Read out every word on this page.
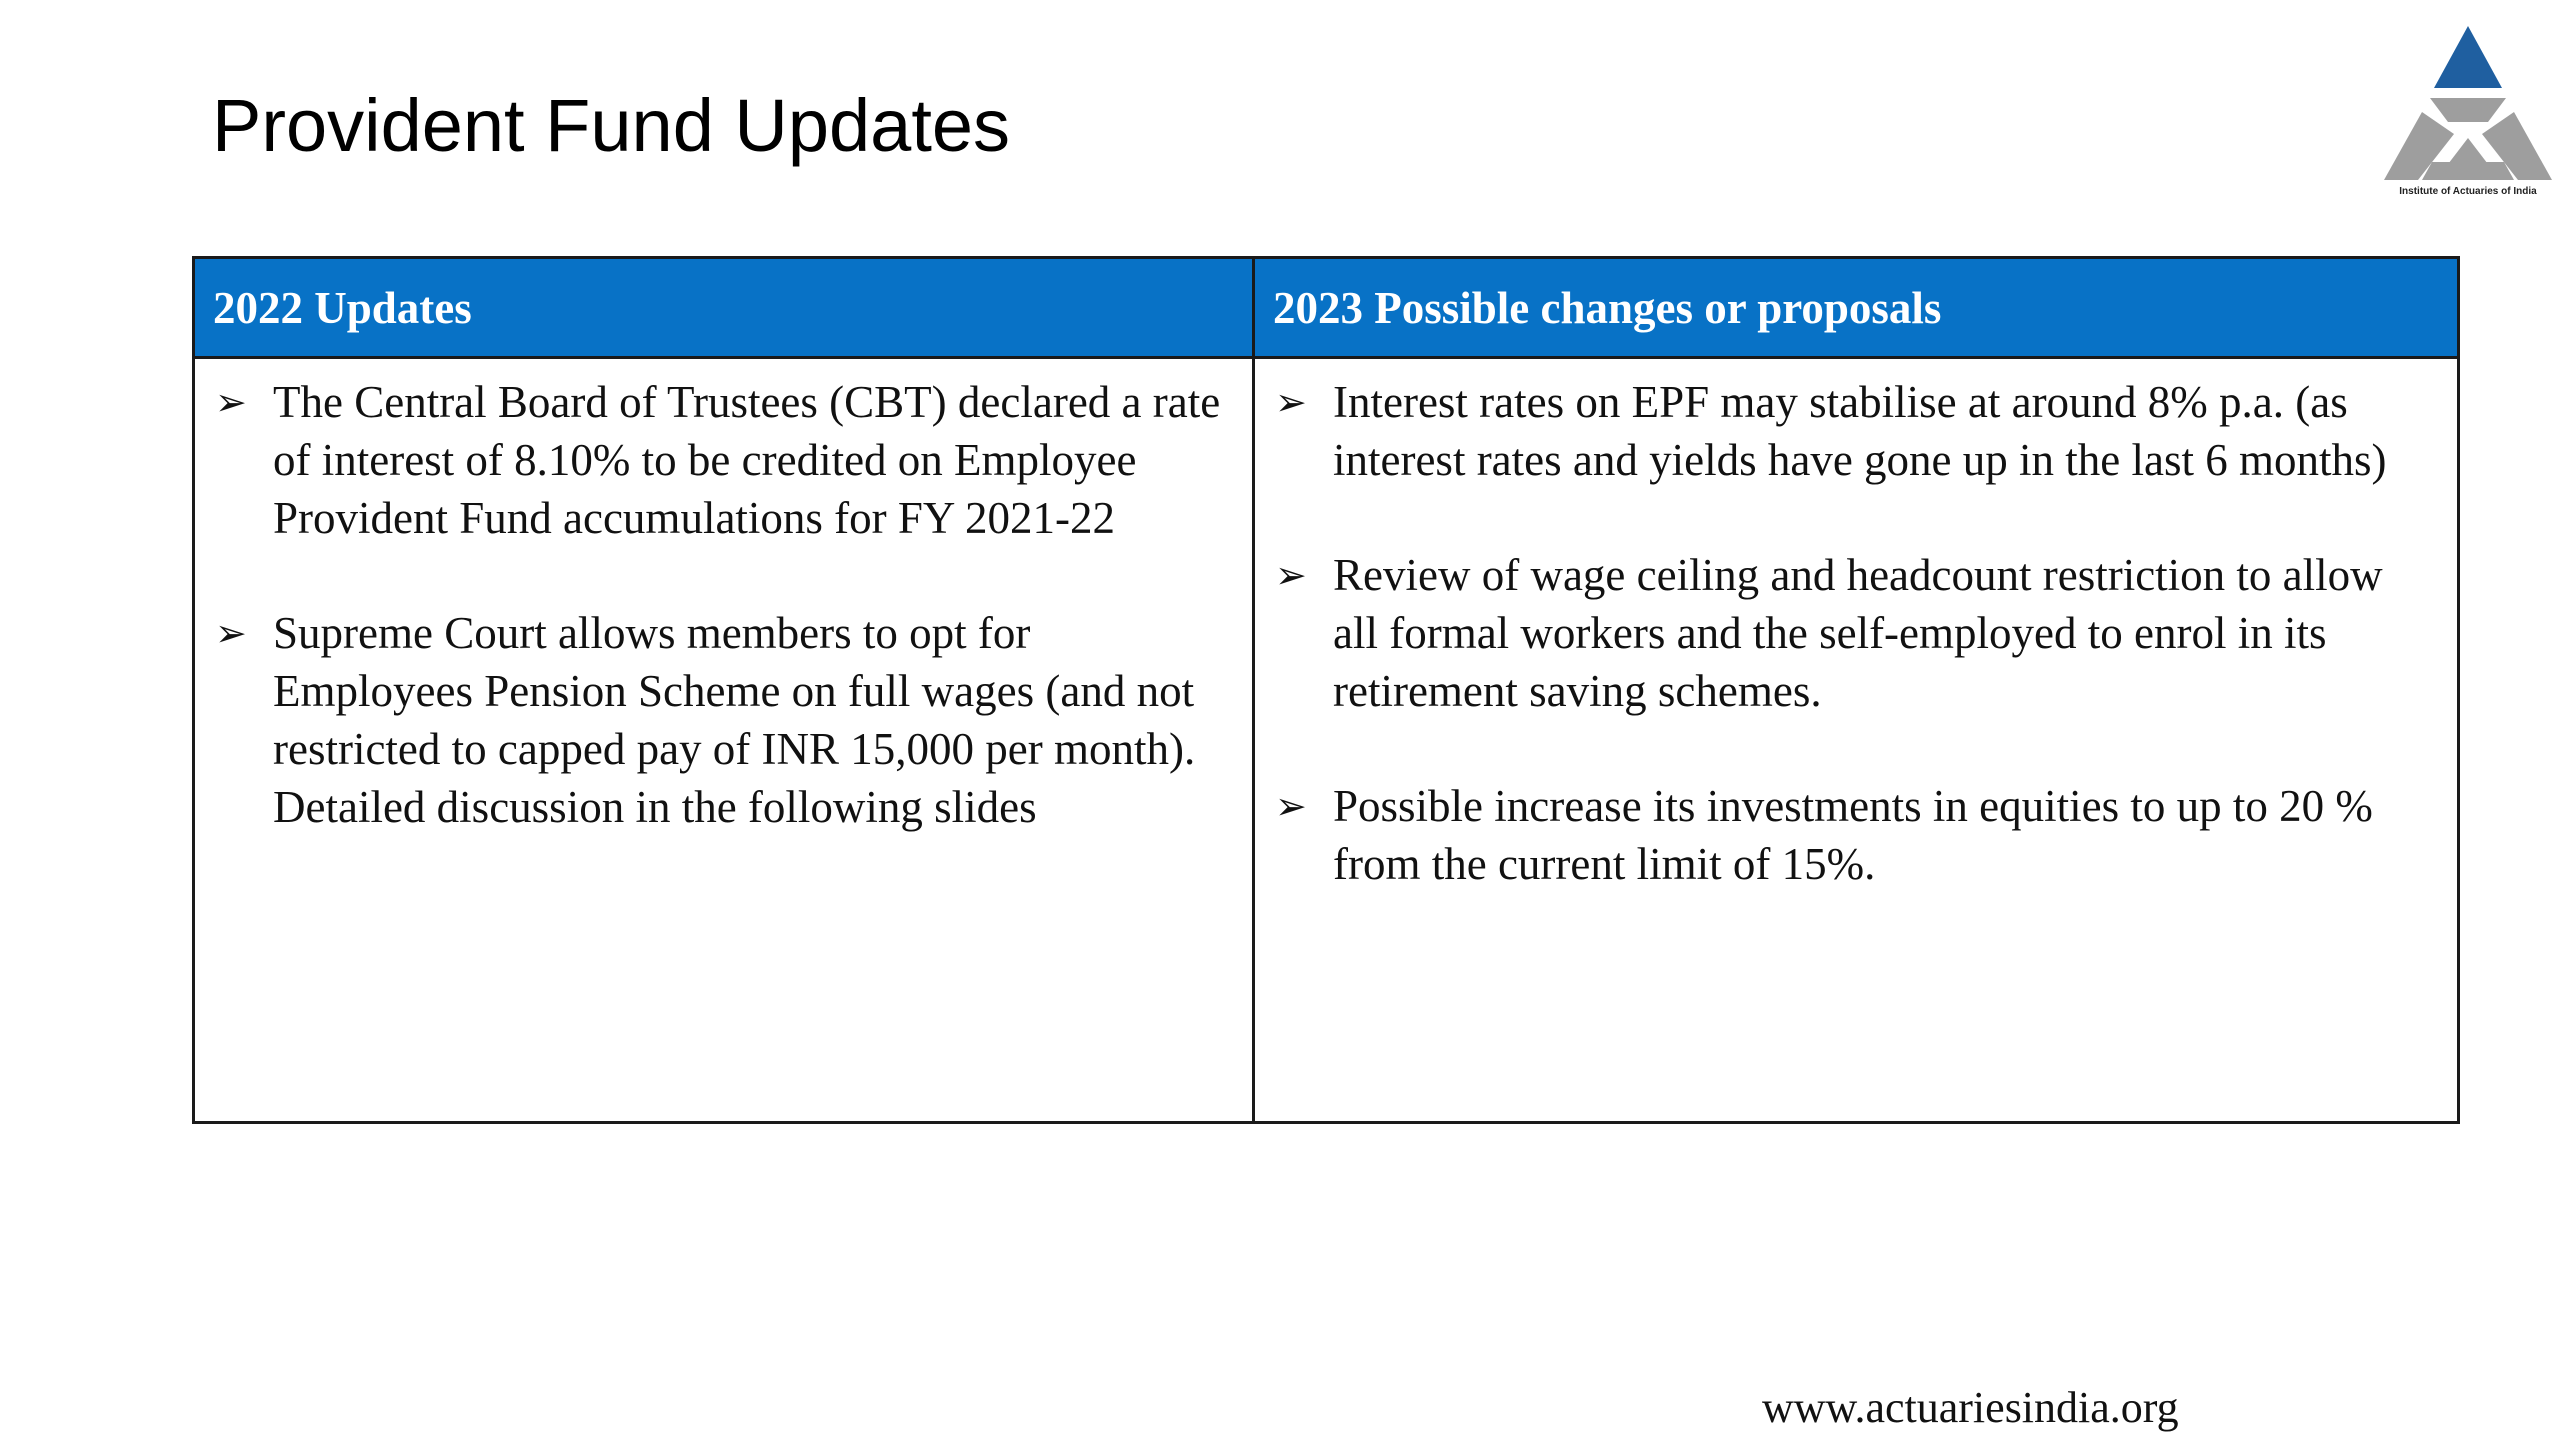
Provident Fund Updates
Institute of Actuaries of India
2022 Updates	2023 Possible changes or proposals
➢ The Central Board of Trustees (CBT) declared a rate of interest of 8.10% to be credited on Employee Provident Fund accumulations for FY 2021-22
➢ Supreme Court allows members to opt for Employees Pension Scheme on full wages (and not restricted to capped pay of INR 15,000 per month). Detailed discussion in the following slides
➢ Interest rates on EPF may stabilise at around 8% p.a. (as interest rates and yields have gone up in the last 6 months)
➢ Review of wage ceiling and headcount restriction to allow all formal workers and the self-employed to enrol in its retirement saving schemes.
➢ Possible increase its investments in equities to up to 20 % from the current limit of 15%.
www.actuariesindia.org
